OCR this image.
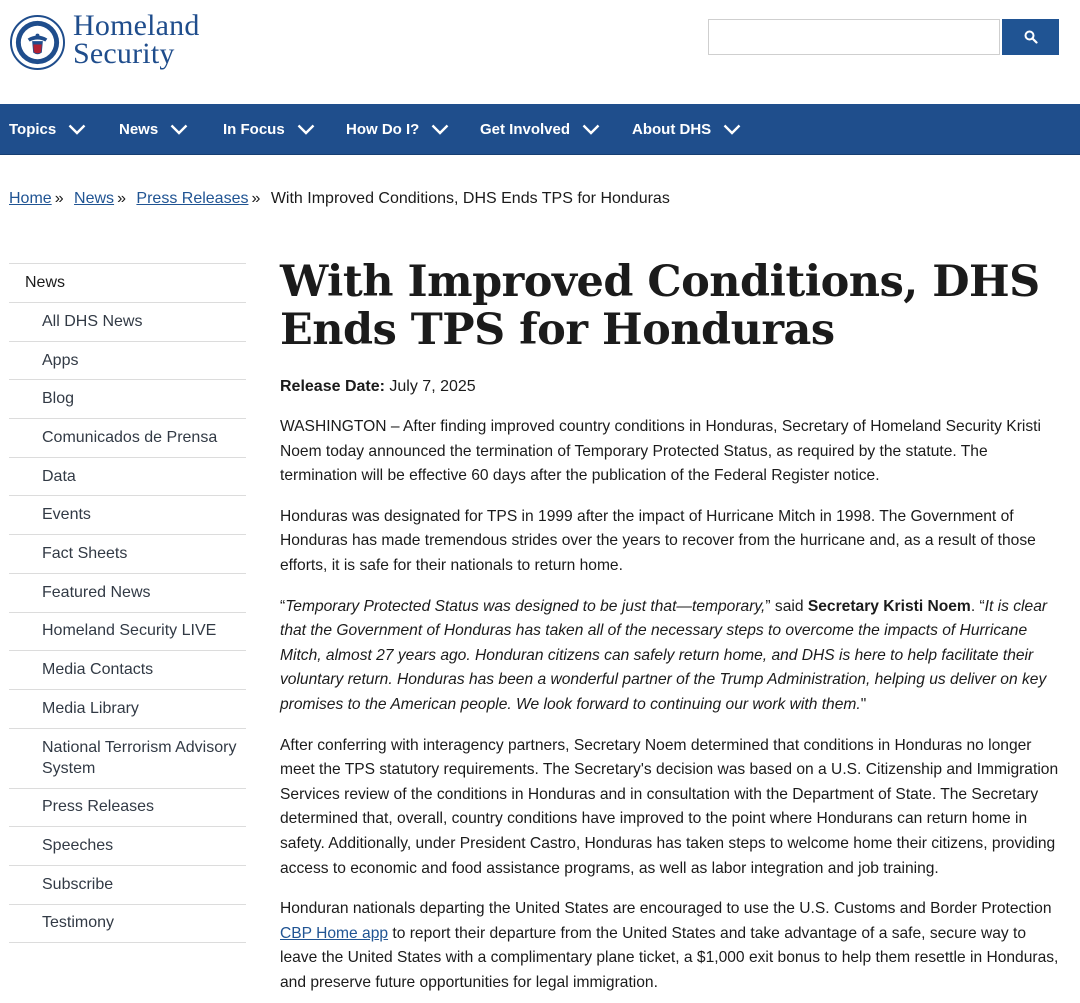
Homeland
Security
Topics	News	In Focus	How Do I?	Get Involved	About DHS
Home » News » Press Releases » With Improved Conditions, DHS Ends TPS for Honduras
News
All DHS News
Apps
Blog
Comunicados de Prensa
Data
Events
Fact Sheets
Featured News
Homeland Security LIVE
Media Contacts
Media Library
National Terrorism Advisory System
Press Releases
Speeches
Subscribe
Testimony
With Improved Conditions, DHS Ends TPS for Honduras
Release Date: July 7, 2025

WASHINGTON – After finding improved country conditions in Honduras, Secretary of Homeland Security Kristi Noem today announced the termination of Temporary Protected Status, as required by the statute. The termination will be effective 60 days after the publication of the Federal Register notice.

Honduras was designated for TPS in 1999 after the impact of Hurricane Mitch in 1998. The Government of Honduras has made tremendous strides over the years to recover from the hurricane and, as a result of those efforts, it is safe for their nationals to return home.

“Temporary Protected Status was designed to be just that—temporary,” said Secretary Kristi Noem. “It is clear that the Government of Honduras has taken all of the necessary steps to overcome the impacts of Hurricane Mitch, almost 27 years ago. Honduran citizens can safely return home, and DHS is here to help facilitate their voluntary return. Honduras has been a wonderful partner of the Trump Administration, helping us deliver on key promises to the American people. We look forward to continuing our work with them."

After conferring with interagency partners, Secretary Noem determined that conditions in Honduras no longer meet the TPS statutory requirements. The Secretary's decision was based on a U.S. Citizenship and Immigration Services review of the conditions in Honduras and in consultation with the Department of State. The Secretary determined that, overall, country conditions have improved to the point where Hondurans can return home in safety. Additionally, under President Castro, Honduras has taken steps to welcome home their citizens, providing access to economic and food assistance programs, as well as labor integration and job training.

Honduran nationals departing the United States are encouraged to use the U.S. Customs and Border Protection CBP Home app to report their departure from the United States and take advantage of a safe, secure way to leave the United States with a complimentary plane ticket, a $1,000 exit bonus to help them resettle in Honduras, and preserve future opportunities for legal immigration.
